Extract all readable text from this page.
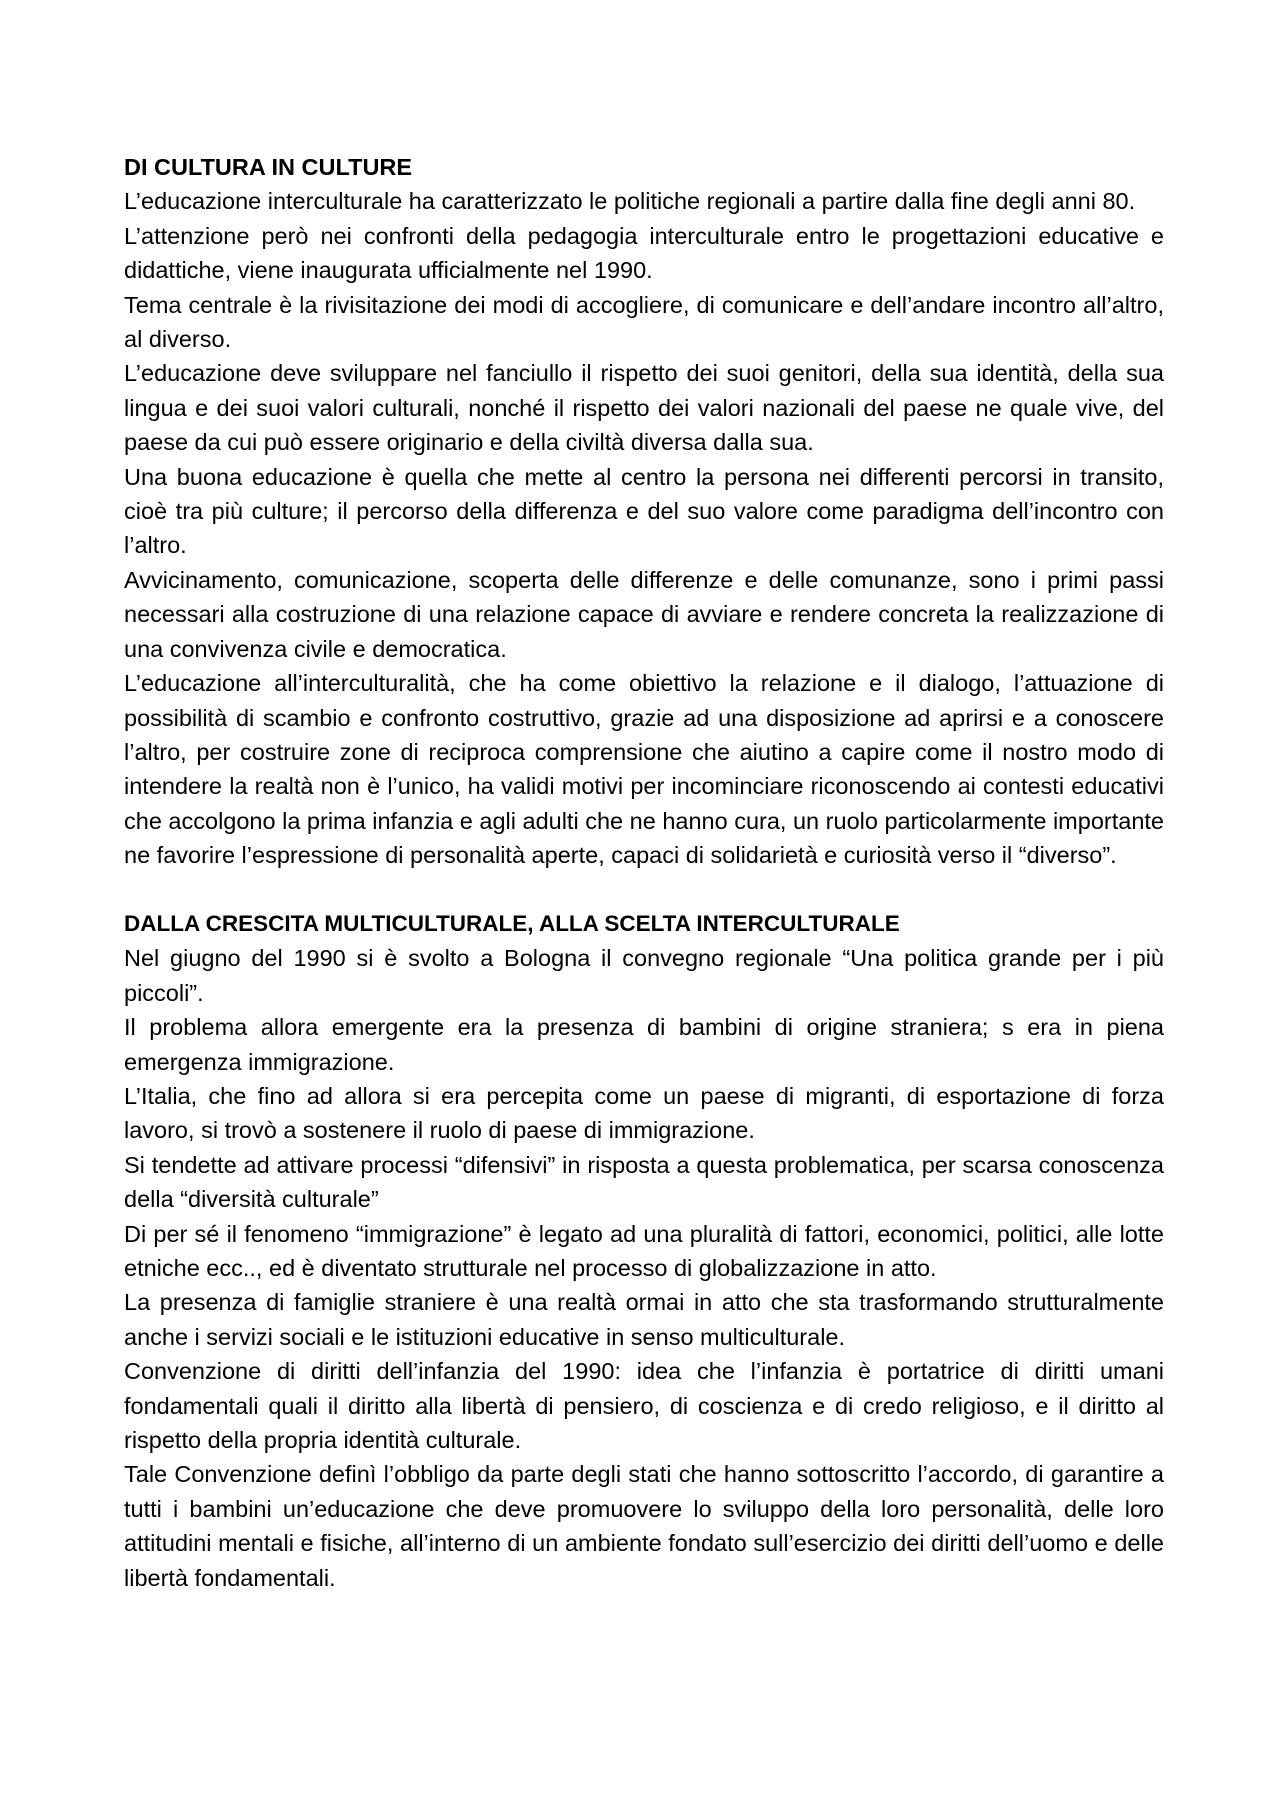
DI CULTURA IN CULTURE

L’educazione interculturale ha caratterizzato le politiche regionali a partire dalla fine degli anni 80.

L’attenzione però nei confronti della pedagogia interculturale entro le progettazioni educative e didattiche, viene inaugurata ufficialmente nel 1990.

Tema centrale è la rivisitazione dei modi di accogliere, di comunicare e dell’andare incontro all’altro, al diverso.

L’educazione deve sviluppare nel fanciullo il rispetto dei suoi genitori, della sua identità, della sua lingua e dei suoi valori culturali, nonché il rispetto dei valori nazionali del paese ne quale vive, del paese da cui può essere originario e della civiltà diversa dalla sua.

Una buona educazione è quella che mette al centro la persona nei differenti percorsi in transito, cioè tra più culture; il percorso della differenza e del suo valore come paradigma dell’incontro con l’altro.

Avvicinamento, comunicazione, scoperta delle differenze e delle comunanze, sono i primi passi necessari alla costruzione di una relazione capace di avviare e rendere concreta la realizzazione di una convivenza civile e democratica.

L’educazione all’interculturalità, che ha come obiettivo la relazione e il dialogo, l’attuazione di possibilità di scambio e confronto costruttivo, grazie ad una disposizione ad aprirsi e a conoscere l’altro, per costruire zone di reciproca comprensione che aiutino a capire come il nostro modo di intendere la realtà non è l’unico, ha validi motivi per incominciare riconoscendo ai contesti educativi che accolgono la prima infanzia e agli adulti che ne hanno cura, un ruolo particolarmente importante ne favorire l’espressione di personalità aperte, capaci di solidarietà e curiosità verso il “diverso”.

DALLA CRESCITA MULTICULTURALE, ALLA SCELTA INTERCULTURALE

Nel giugno del 1990 si è svolto a Bologna il convegno regionale “Una politica grande per i più piccoli”.

Il problema allora emergente era la presenza di bambini di origine straniera; s era in piena emergenza immigrazione.

L’Italia, che fino ad allora si era percepita come un paese di migranti, di esportazione di forza lavoro, si trovò a sostenere il ruolo di paese di immigrazione.

Si tendette ad attivare processi “difensivi” in risposta a questa problematica, per scarsa conoscenza della “diversità culturale”

Di per sé il fenomeno “immigrazione” è legato ad una pluralità di fattori, economici, politici, alle lotte etniche ecc.., ed è diventato strutturale nel processo di globalizzazione in atto.

La presenza di famiglie straniere è una realtà ormai in atto che sta trasformando strutturalmente anche i servizi sociali e le istituzioni educative in senso multiculturale.

Convenzione di diritti dell’infanzia del 1990: idea che l’infanzia è portatrice di diritti umani fondamentali quali il diritto alla libertà di pensiero, di coscienza e di credo religioso, e il diritto al rispetto della propria identità culturale.

Tale Convenzione definì l’obbligo da parte degli stati che hanno sottoscritto l’accordo, di garantire a tutti i bambini un’educazione che deve promuovere lo sviluppo della loro personalità, delle loro attitudini mentali e fisiche, all’interno di un ambiente fondato sull’esercizio dei diritti dell’uomo e delle libertà fondamentali.
